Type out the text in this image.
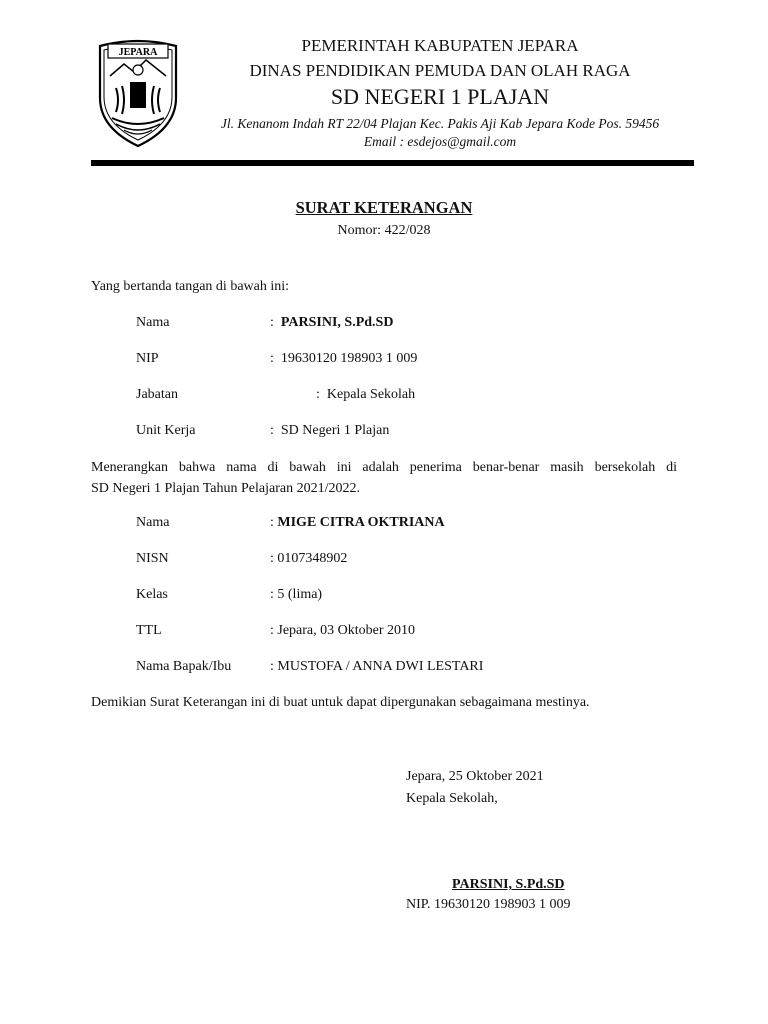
JEPARA	PEMERINTAH KABUPATEN JEPARA
DINAS PENDIDIKAN PEMUDA DAN OLAH RAGA
SD NEGERI 1 PLAJAN
Jl. Kenanom Indah RT 22/04 Plajan Kec. Pakis Aji Kab Jepara Kode Pos. 59456
Email : esdejos@gmail.com
SURAT KETERANGAN
Nomor: 422/028
Yang bertanda tangan di bawah ini:
Nama	:  PARSINI, S.Pd.SD
NIP	:  19630120 198903 1 009
Jabatan	:  Kepala Sekolah
Unit Kerja	:  SD Negeri 1 Plajan
Menerangkan bahwa nama di bawah ini adalah penerima benar-benar masih bersekolah di
SD Negeri 1 Plajan Tahun Pelajaran 2021/2022.
Nama	: MIGE CITRA OKTRIANA
NISN	: 0107348902
Kelas	: 5 (lima)
TTL	: Jepara, 03 Oktober 2010
Nama Bapak/Ibu	: MUSTOFA / ANNA DWI LESTARI
Demikian Surat Keterangan ini di buat untuk dapat dipergunakan sebagaimana mestinya.
Jepara, 25 Oktober 2021
Kepala Sekolah,
PARSINI, S.Pd.SD
NIP. 19630120 198903 1 009
